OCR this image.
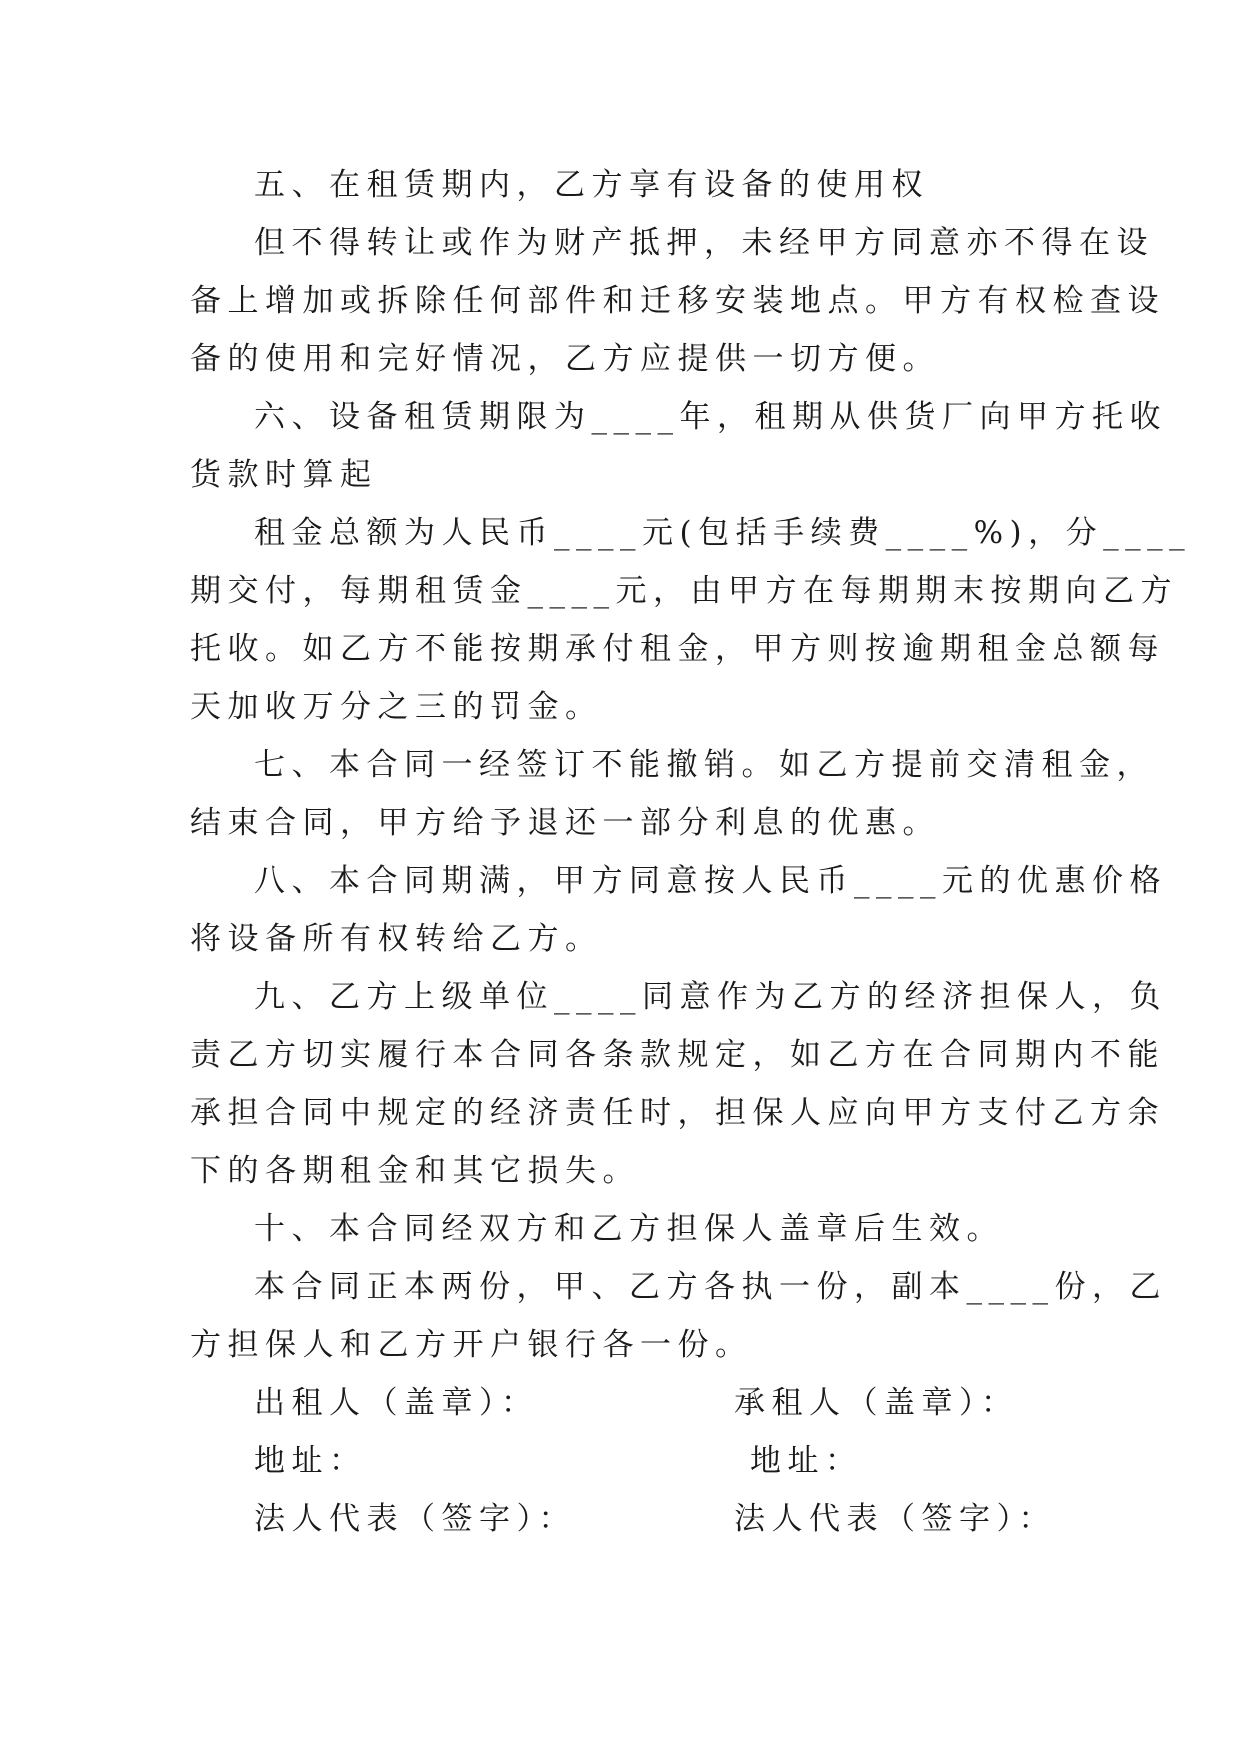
五、在租赁期内，乙方享有设备的使用权
但不得转让或作为财产抵押，未经甲方同意亦不得在设
备上增加或拆除任何部件和迁移安装地点。甲方有权检查设
备的使用和完好情况，乙方应提供一切方便。
六、设备租赁期限为____年，租期从供货厂向甲方托收
货款时算起
租金总额为人民币____元(包括手续费____%)，分____
期交付，每期租赁金____元，由甲方在每期期末按期向乙方
托收。如乙方不能按期承付租金，甲方则按逾期租金总额每
天加收万分之三的罚金。
七、本合同一经签订不能撤销。如乙方提前交清租金，
结束合同，甲方给予退还一部分利息的优惠。
八、本合同期满，甲方同意按人民币____元的优惠价格
将设备所有权转给乙方。
九、乙方上级单位____同意作为乙方的经济担保人，负
责乙方切实履行本合同各条款规定，如乙方在合同期内不能
承担合同中规定的经济责任时，担保人应向甲方支付乙方余
下的各期租金和其它损失。
十、本合同经双方和乙方担保人盖章后生效。
本合同正本两份，甲、乙方各执一份，副本____份，乙
方担保人和乙方开户银行各一份。
出租人（盖章）：	承租人（盖章）：
地址：	地址：
法人代表（签字）：	法人代表（签字）：
